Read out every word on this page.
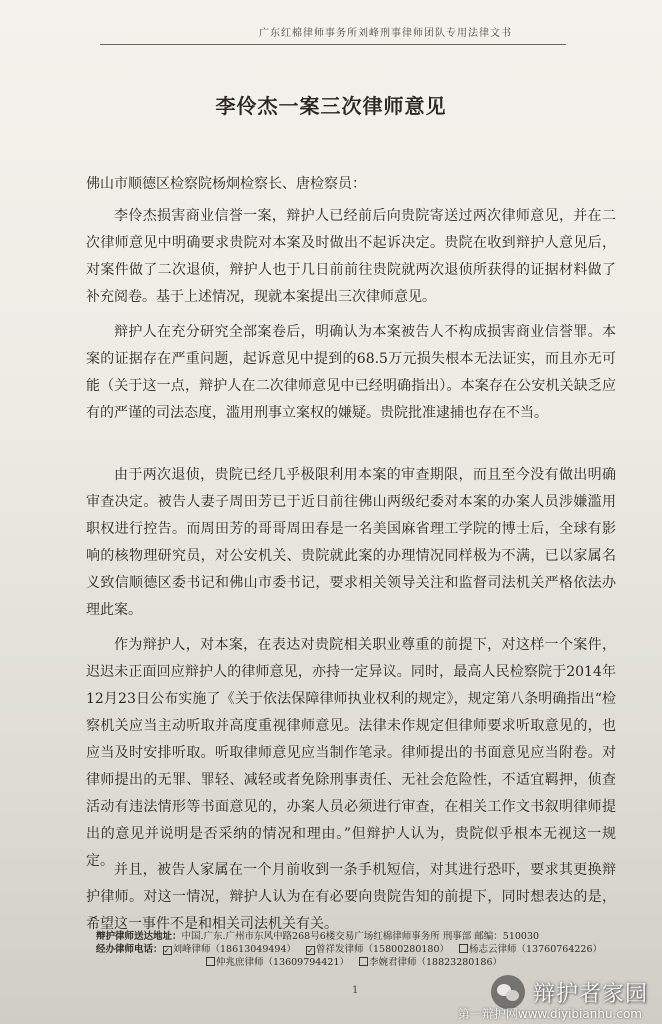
广东红棉律师事务所刘峰刑事律师团队专用法律文书
李伶杰一案三次律师意见
佛山市顺德区检察院杨炯检察长、唐检察员：
李伶杰损害商业信誉一案，辩护人已经前后向贵院寄送过两次律师意见，并在二次律师意见中明确要求贵院对本案及时做出不起诉决定。贵院在收到辩护人意见后，对案件做了二次退侦，辩护人也于几日前前往贵院就两次退侦所获得的证据材料做了补充阅卷。基于上述情况，现就本案提出三次律师意见。
辩护人在充分研究全部案卷后，明确认为本案被告人不构成损害商业信誉罪。本案的证据存在严重问题，起诉意见中提到的68.5万元损失根本无法证实，而且亦无可能（关于这一点，辩护人在二次律师意见中已经明确指出）。本案存在公安机关缺乏应有的严谨的司法态度，滥用刑事立案权的嫌疑。贵院批准逮捕也存在不当。
由于两次退侦，贵院已经几乎极限利用本案的审查期限，而且至今没有做出明确审查决定。被告人妻子周田芳已于近日前往佛山两级纪委对本案的办案人员涉嫌滥用职权进行控告。而周田芳的哥哥周田春是一名美国麻省理工学院的博士后，全球有影响的核物理研究员，对公安机关、贵院就此案的办理情况同样极为不满，已以家属名义致信顺德区委书记和佛山市委书记，要求相关领导关注和监督司法机关严格依法办理此案。
作为辩护人，对本案，在表达对贵院相关职业尊重的前提下，对这样一个案件，迟迟未正面回应辩护人的律师意见，亦持一定异议。同时，最高人民检察院于2014年12月23日公布实施了《关于依法保障律师执业权利的规定》，规定第八条明确指出“检察机关应当主动听取并高度重视律师意见。法律未作规定但律师要求听取意见的，也应当及时安排听取。听取律师意见应当制作笔录。律师提出的书面意见应当附卷。对律师提出的无罪、罪轻、减轻或者免除刑事责任、无社会危险性，不适宜羁押，侦查活动有违法情形等书面意见的，办案人员必须进行审查，在相关工作文书叙明律师提出的意见并说明是否采纳的情况和理由。”但辩护人认为，贵院似乎根本无视这一规定。
并且，被告人家属在一个月前收到一条手机短信，对其进行恐吓，要求其更换辩护律师。对这一情况，辩护人认为在有必要向贵院告知的前提下，同时想表达的是，希望这一事件不是和相关司法机关有关。
辩护律师送达地址：中国.广东.广州市东风中路268号6楼交易广场红棉律师事务所 刑事部 邮编：510030
经办律师电话： ✓ 刘峰律师（18613049494） ✓ 曾祥发律师（15800280180） 杨志云律师（13760764226）
仲兆庶律师（13609794421） 李婉君律师（18823280186）
1	辩护者家园
第一辩护网www.diyibianhu.com
